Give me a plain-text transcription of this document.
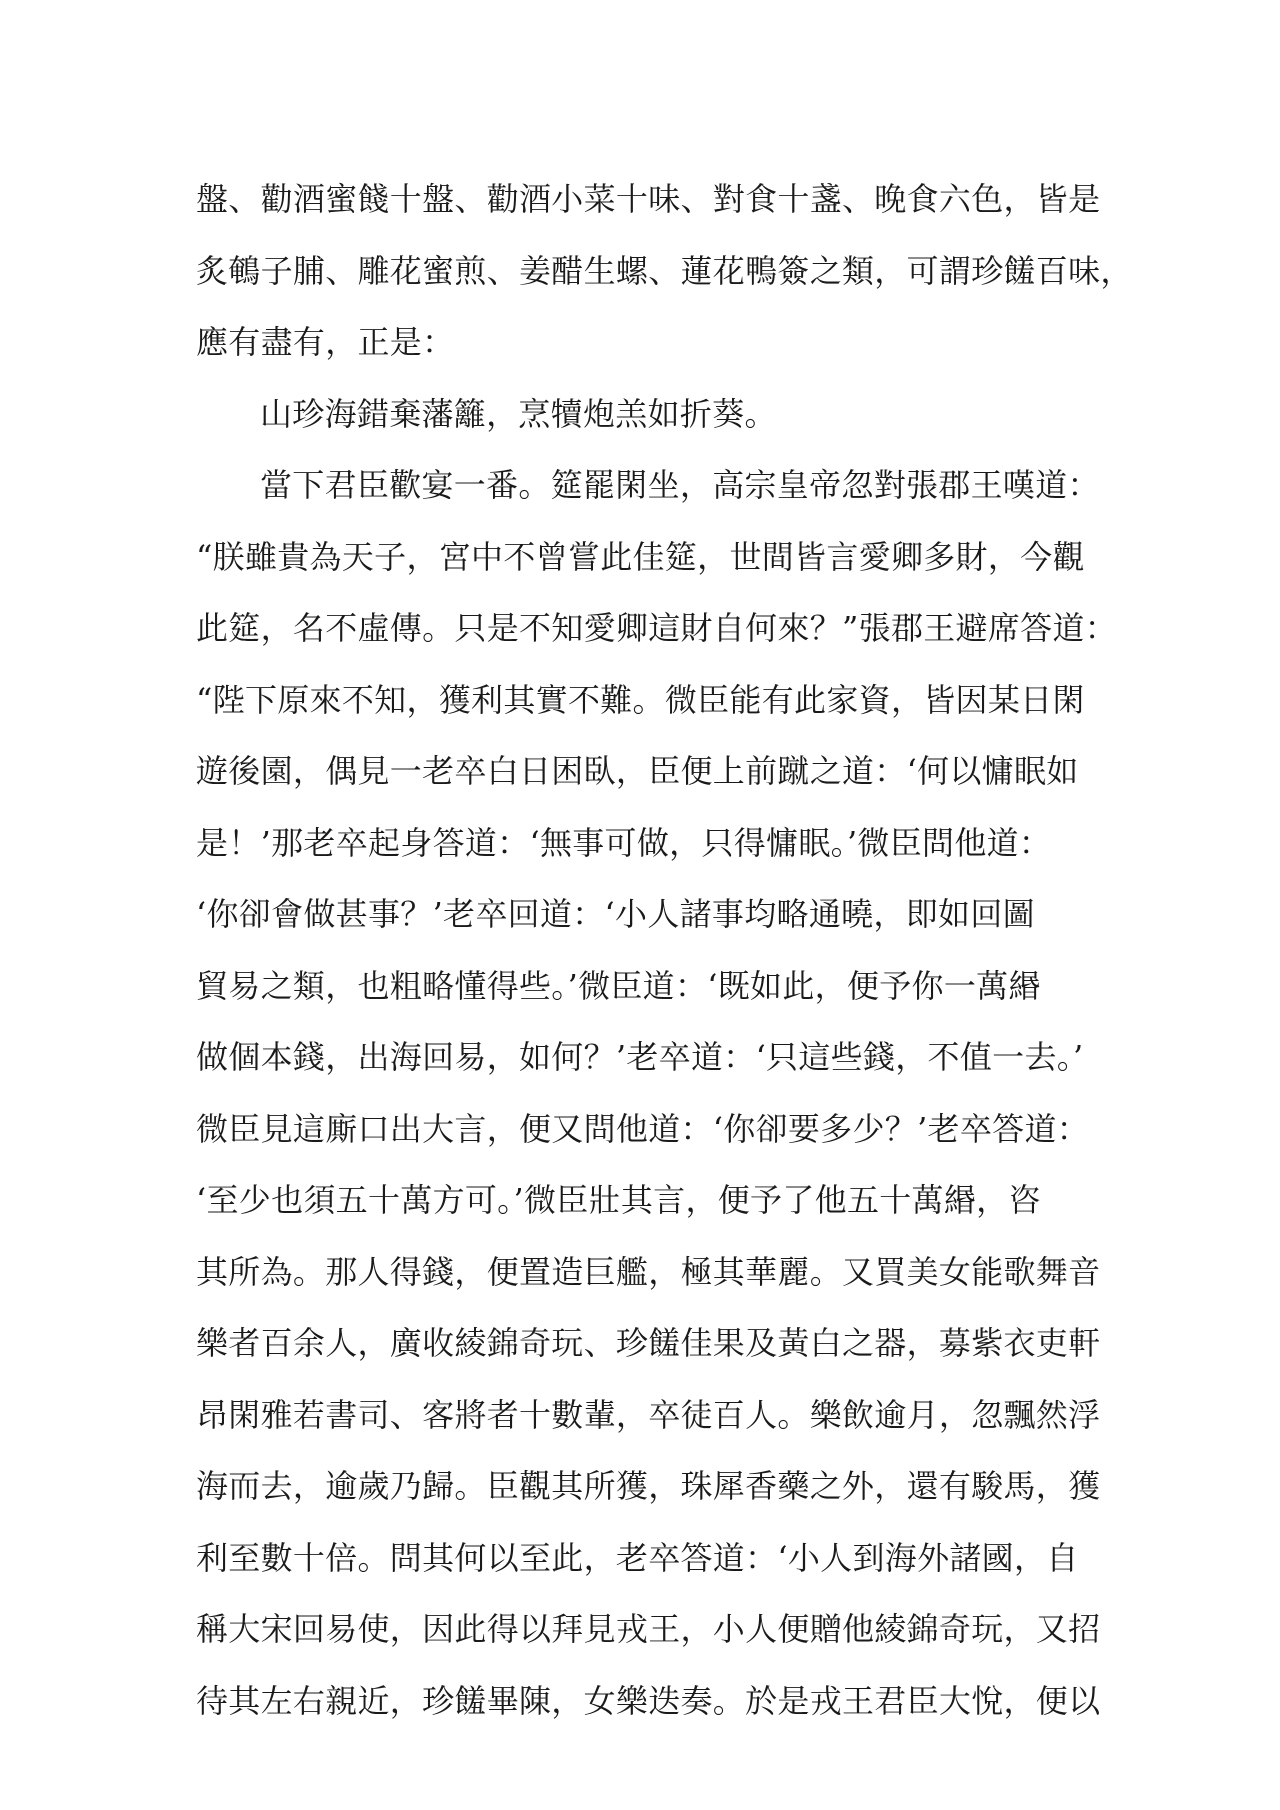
盤、勸酒蜜餞十盤、勸酒小菜十味、對食十盞、晚食六色，皆是
炙鵪子脯、雕花蜜煎、姜醋生螺、蓮花鴨簽之類，可謂珍饈百味，
應有盡有，正是：
山珍海錯棄藩籬，烹犢炮羔如折葵。
當下君臣歡宴一番。筵罷閑坐，高宗皇帝忽對張郡王嘆道：
“朕雖貴為天子，宮中不曾嘗此佳筵，世間皆言愛卿多財，今觀
此筵，名不虛傳。只是不知愛卿這財自何來？”張郡王避席答道：
“陛下原來不知，獲利其實不難。微臣能有此家資，皆因某日閑
遊後園，偶見一老卒白日困臥，臣便上前蹴之道：‘何以慵眠如
是！’那老卒起身答道：‘無事可做，只得慵眠。’微臣問他道：
‘你卻會做甚事？’老卒回道：‘小人諸事均略通曉，即如回圖
貿易之類，也粗略懂得些。’微臣道：‘既如此，便予你一萬緡
做個本錢，出海回易，如何？’老卒道：‘只這些錢，不值一去。’
微臣見這廝口出大言，便又問他道：‘你卻要多少？’老卒答道：
‘至少也須五十萬方可。’微臣壯其言，便予了他五十萬緡，咨
其所為。那人得錢，便置造巨艦，極其華麗。又買美女能歌舞音
樂者百余人，廣收綾錦奇玩、珍饈佳果及黃白之器，募紫衣吏軒
昂閑雅若書司、客將者十數輩，卒徒百人。樂飲逾月，忽飄然浮
海而去，逾歲乃歸。臣觀其所獲，珠犀香藥之外，還有駿馬，獲
利至數十倍。問其何以至此，老卒答道：‘小人到海外諸國，自
稱大宋回易使，因此得以拜見戎王，小人便贈他綾錦奇玩，又招
待其左右親近，珍饈畢陳，女樂迭奏。於是戎王君臣大悅，便以
